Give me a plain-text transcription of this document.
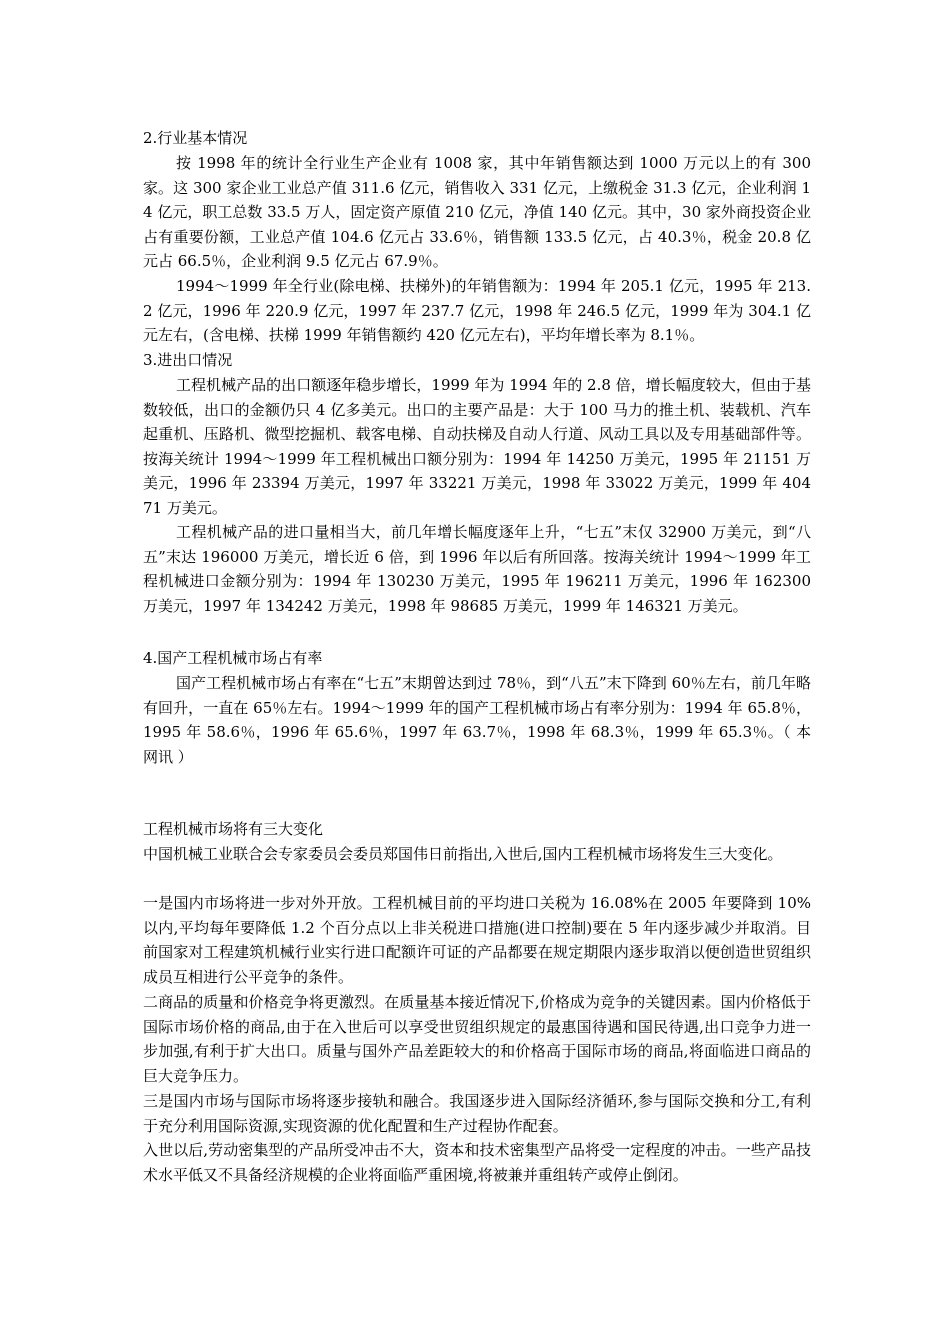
2.行业基本情况
按 1998 年的统计全行业生产企业有 1008 家，其中年销售额达到 1000 万元以上的有 300 家。这 300 家企业工业总产值 311.6 亿元，销售收入 331 亿元，上缴税金 31.3 亿元，企业利润 14 亿元，职工总数 33.5 万人，固定资产原值 210 亿元，净值 140 亿元。其中，30 家外商投资企业占有重要份额，工业总产值 104.6 亿元占 33.6％，销售额 133.5 亿元，占 40.3％，税金 20.8 亿元占 66.5％，企业利润 9.5 亿元占 67.9％。
1994～1999 年全行业(除电梯、扶梯外)的年销售额为：1994 年 205.1 亿元，1995 年 213.2 亿元，1996 年 220.9 亿元，1997 年 237.7 亿元，1998 年 246.5 亿元，1999 年为 304.1 亿元左右，(含电梯、扶梯 1999 年销售额约 420 亿元左右)，平均年增长率为 8.1％。
3.进出口情况
工程机械产品的出口额逐年稳步增长，1999 年为 1994 年的 2.8 倍，增长幅度较大，但由于基数较低，出口的金额仍只 4 亿多美元。出口的主要产品是：大于 100 马力的推土机、装载机、汽车起重机、压路机、微型挖掘机、载客电梯、自动扶梯及自动人行道、风动工具以及专用基础部件等。按海关统计 1994～1999 年工程机械出口额分别为：1994 年 14250 万美元，1995 年 21151 万美元，1996 年 23394 万美元，1997 年 33221 万美元，1998 年 33022 万美元，1999 年 40471 万美元。
工程机械产品的进口量相当大，前几年增长幅度逐年上升，“七五”末仅 32900 万美元，到“八五”末达 196000 万美元，增长近 6 倍，到 1996 年以后有所回落。按海关统计 1994～1999 年工程机械进口金额分别为：1994 年 130230 万美元，1995 年 196211 万美元，1996 年 162300 万美元，1997 年 134242 万美元，1998 年 98685 万美元，1999 年 146321 万美元。
4.国产工程机械市场占有率
国产工程机械市场占有率在“七五”末期曾达到过 78％，到“八五”末下降到 60％左右，前几年略有回升，一直在 65％左右。1994～1999 年的国产工程机械市场占有率分别为：1994 年 65.8％，1995 年 58.6％，1996 年 65.6％，1997 年 63.7％，1998 年 68.3％，1999 年 65.3％。（ 本网讯 ）
工程机械市场将有三大变化
中国机械工业联合会专家委员会委员郑国伟日前指出,入世后,国内工程机械市场将发生三大变化。
一是国内市场将进一步对外开放。工程机械目前的平均进口关税为 16.08%在 2005 年要降到 10%以内,平均每年要降低 1.2 个百分点以上非关税进口措施(进口控制)要在 5 年内逐步减少并取消。目前国家对工程建筑机械行业实行进口配额许可证的产品都要在规定期限内逐步取消以便创造世贸组织成员互相进行公平竞争的条件。
二商品的质量和价格竞争将更激烈。在质量基本接近情况下,价格成为竞争的关键因素。国内价格低于国际市场价格的商品,由于在入世后可以享受世贸组织规定的最惠国待遇和国民待遇,出口竞争力进一步加强,有利于扩大出口。质量与国外产品差距较大的和价格高于国际市场的商品,将面临进口商品的巨大竞争压力。
三是国内市场与国际市场将逐步接轨和融合。我国逐步进入国际经济循环,参与国际交换和分工,有利于充分利用国际资源,实现资源的优化配置和生产过程协作配套。
入世以后,劳动密集型的产品所受冲击不大，资本和技术密集型产品将受一定程度的冲击。一些产品技术水平低又不具备经济规模的企业将面临严重困境,将被兼并重组转产或停止倒闭。
